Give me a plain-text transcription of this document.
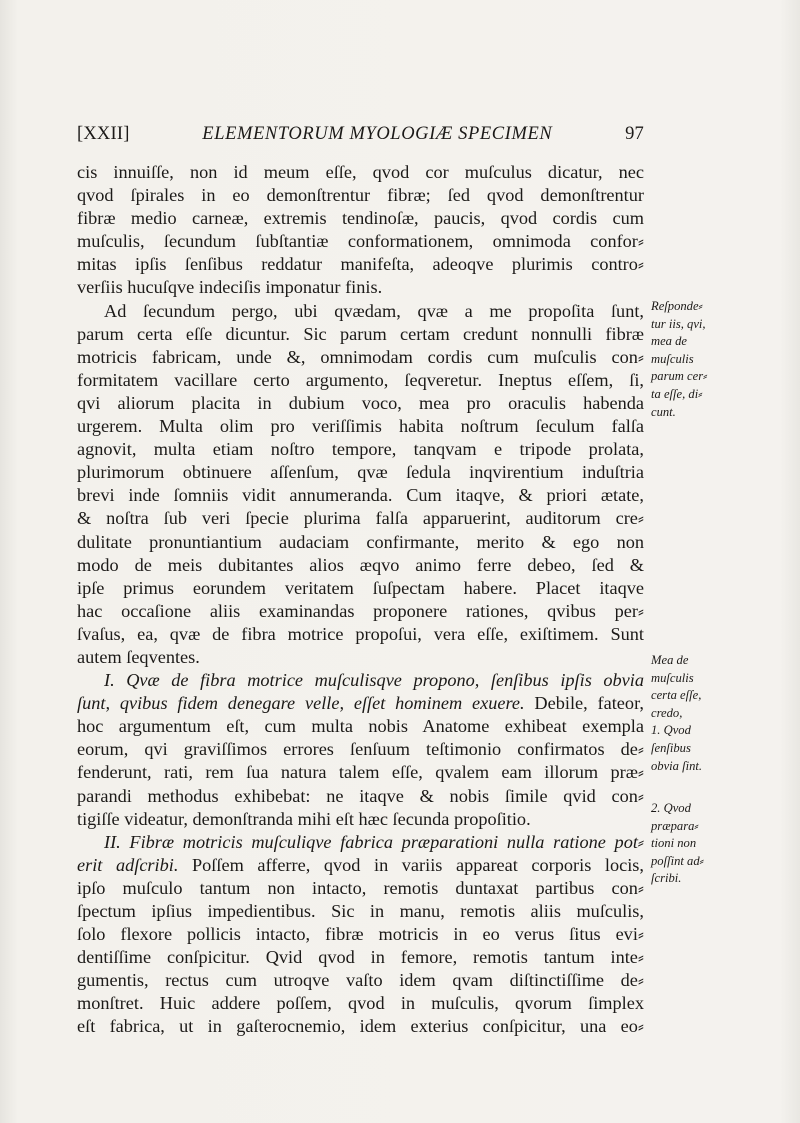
[XXII]	ELEMENTORUM MYOLOGIÆ SPECIMEN	97
cis innuiſſe, non id meum eſſe, qvod cor muſculus dicatur, nec
qvod ſpirales in eo demonſtrentur fibræ; ſed qvod demonſtrentur
fibræ medio carneæ, extremis tendinoſæ, paucis, qvod cordis cum
muſculis, ſecundum ſubſtantiæ conformationem, omnimoda confor⸗
mitas ipſis ſenſibus reddatur manifeſta, adeoqve plurimis contro⸗
verſiis hucuſqve indeciſis imponatur finis.
Ad ſecundum pergo, ubi qvædam, qvæ a me propoſita ſunt,
parum certa eſſe dicuntur. Sic parum certam credunt nonnulli fibræ
motricis fabricam, unde &, omnimodam cordis cum muſculis con⸗
formitatem vacillare certo argumento, ſeqveretur. Ineptus eſſem, ſi,
qvi aliorum placita in dubium voco, mea pro oraculis habenda
urgerem. Multa olim pro veriſſimis habita noſtrum ſeculum falſa
agnovit, multa etiam noſtro tempore, tanqvam e tripode prolata,
plurimorum obtinuere aſſenſum, qvæ ſedula inqvirentium induſtria
brevi inde ſomniis vidit annumeranda. Cum itaqve, & priori ætate,
& noſtra ſub veri ſpecie plurima falſa apparuerint, auditorum cre⸗
dulitate pronuntiantium audaciam confirmante, merito & ego non
modo de meis dubitantes alios æqvo animo ferre debeo, ſed &
ipſe primus eorundem veritatem ſuſpectam habere. Placet itaqve
hac occaſione aliis examinandas proponere rationes, qvibus per⸗
ſvaſus, ea, qvæ de fibra motrice propoſui, vera eſſe, exiſtimem. Sunt
autem ſeqventes.
I. Qvæ de fibra motrice muſculisqve propono, ſenſibus ipſis obvia
ſunt, qvibus fidem denegare velle, eſſet hominem exuere. Debile, fateor,
hoc argumentum eſt, cum multa nobis Anatome exhibeat exempla
eorum, qvi graviſſimos errores ſenſuum teſtimonio confirmatos de⸗
fenderunt, rati, rem ſua natura talem eſſe, qvalem eam illorum præ⸗
parandi methodus exhibebat: ne itaqve & nobis ſimile qvid con⸗
tigiſſe videatur, demonſtranda mihi eſt hæc ſecunda propoſitio.
II. Fibræ motricis muſculiqve fabrica præparationi nulla ratione pot⸗
erit adſcribi. Poſſem afferre, qvod in variis appareat corporis locis,
ipſo muſculo tantum non intacto, remotis duntaxat partibus con⸗
ſpectum ipſius impedientibus. Sic in manu, remotis aliis muſculis,
ſolo flexore pollicis intacto, fibræ motricis in eo verus ſitus evi⸗
dentiſſime conſpicitur. Qvid qvod in femore, remotis tantum inte⸗
gumentis, rectus cum utroqve vaſto idem qvam diſtinctiſſime de⸗
monſtret. Huic addere poſſem, qvod in muſculis, qvorum ſimplex
eſt fabrica, ut in gaſterocnemio, idem exterius conſpicitur, una eo⸗
Reſponde⸗
tur iis, qvi,
mea de
muſculis
parum cer⸗
ta eſſe, di⸗
cunt.
Mea de
muſculis
certa eſſe,
credo,
1. Qvod
ſenſibus
obvia ſint.
2. Qvod
præpara⸗
tioni non
poſſint ad⸗
ſcribi.
